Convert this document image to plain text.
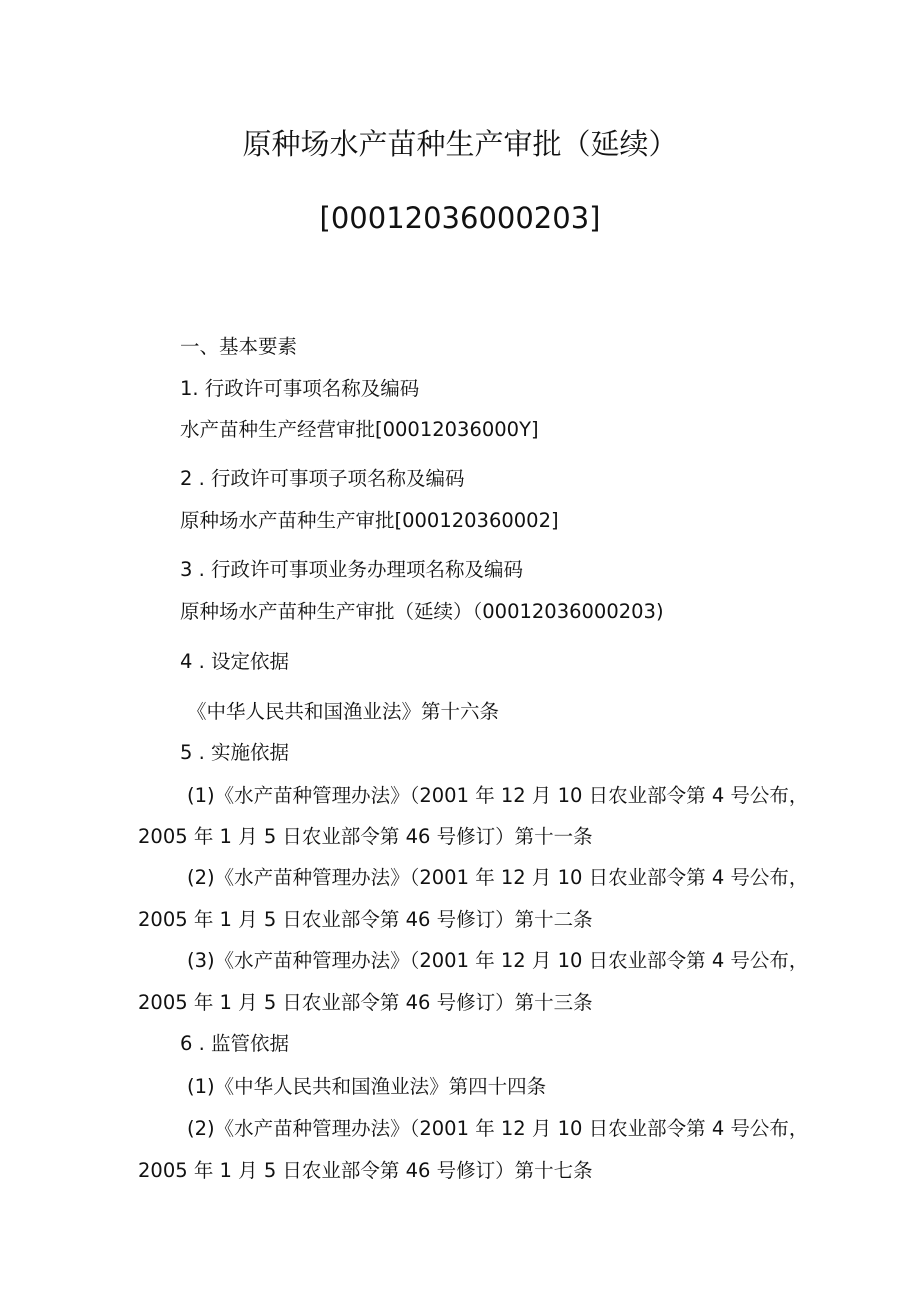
原种场水产苗种生产审批（延续）
[00012036000203]
一、基本要素
1. 行政许可事项名称及编码
水产苗种生产经营审批[00012036000Y]
2 . 行政许可事项子项名称及编码
原种场水产苗种生产审批[000120360002]
3 . 行政许可事项业务办理项名称及编码
原种场水产苗种生产审批（延续）（00012036000203)
4 . 设定依据
《中华人民共和国渔业法》第十六条
5 . 实施依据
(1)《水产苗种管理办法》（2001 年 12 月 10 日农业部令第 4 号公布，
2005 年 1 月 5 日农业部令第 46 号修订）第十一条
(2)《水产苗种管理办法》（2001 年 12 月 10 日农业部令第 4 号公布，
2005 年 1 月 5 日农业部令第 46 号修订）第十二条
(3)《水产苗种管理办法》（2001 年 12 月 10 日农业部令第 4 号公布，
2005 年 1 月 5 日农业部令第 46 号修订）第十三条
6 . 监管依据
(1)《中华人民共和国渔业法》第四十四条
(2)《水产苗种管理办法》（2001 年 12 月 10 日农业部令第 4 号公布，
2005 年 1 月 5 日农业部令第 46 号修订）第十七条
